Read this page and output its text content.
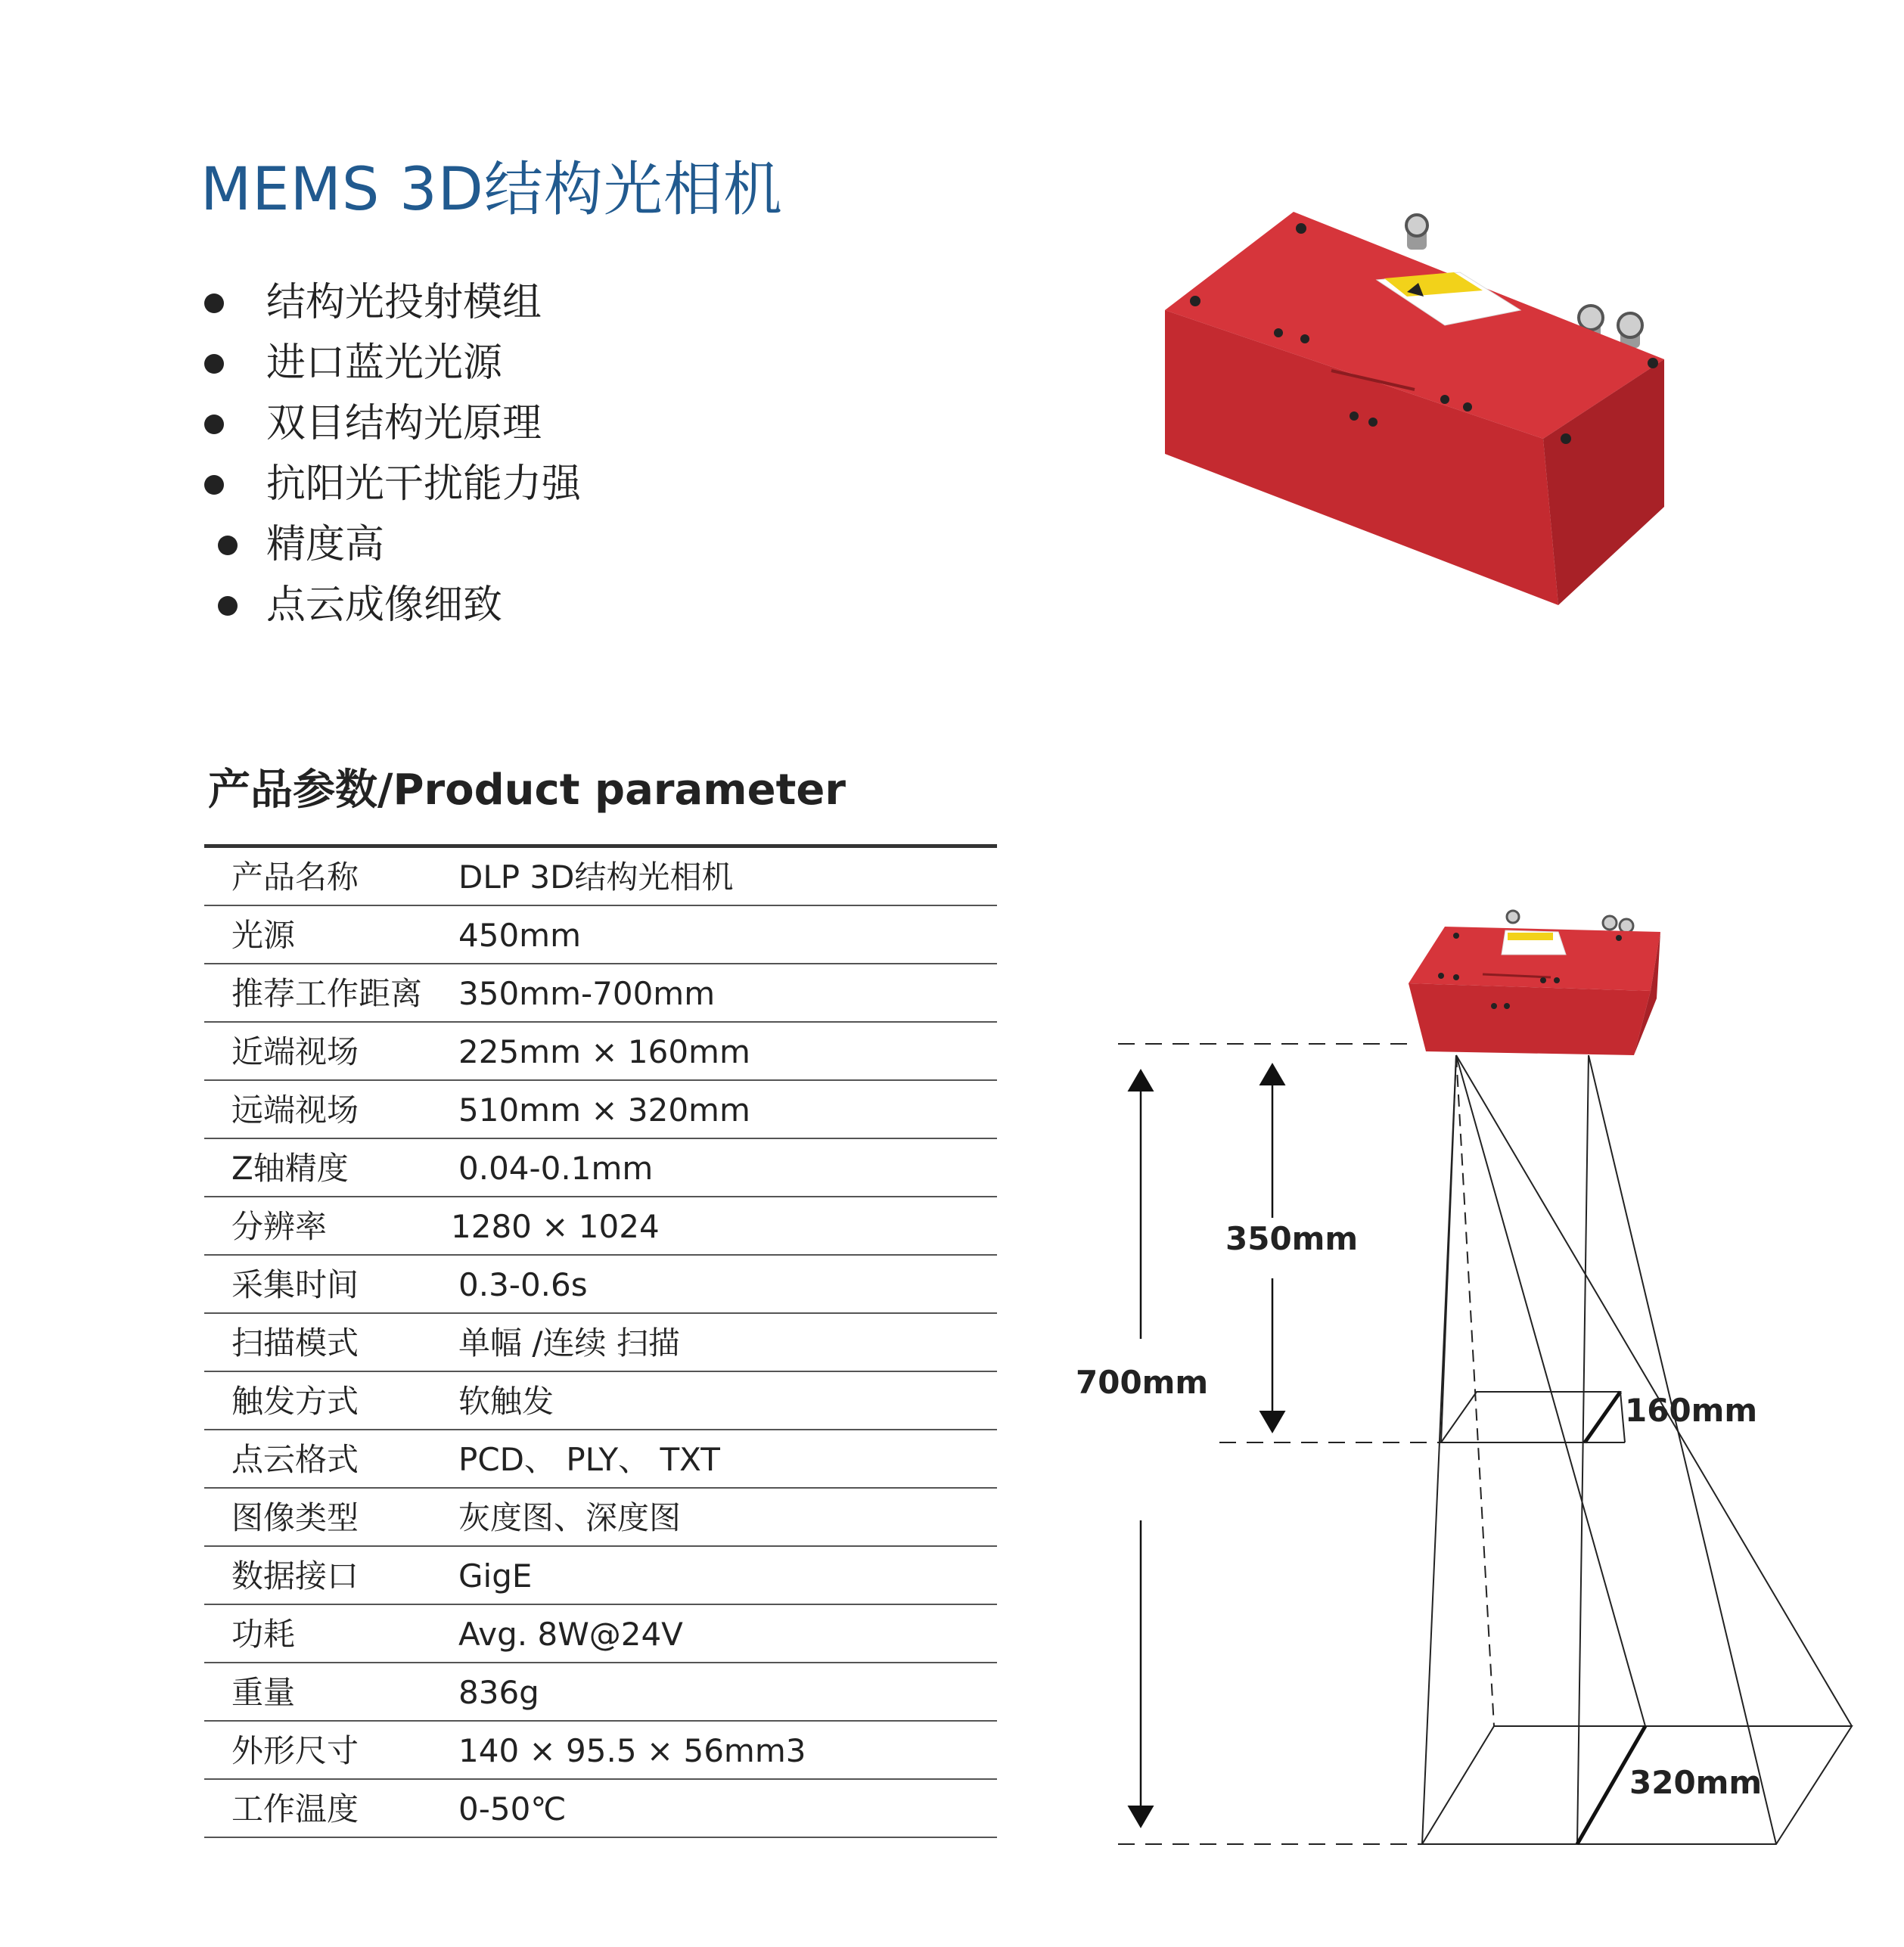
MEMS 3D结构光相机
结构光投射模组
进口蓝光光源
双目结构光原理
抗阳光干扰能力强
精度高
点云成像细致
产品参数/Product parameter
产品名称	DLP 3D结构光相机
光源	450mm
推荐工作距离 350mm-700mm
近端视场	225mm × 160mm
远端视场	510mm × 320mm
Z轴精度	0.04-0.1mm
分辨率	1280 × 1024
采集时间	0.3-0.6s
扫描模式	单幅 /连续 扫描
触发方式	软触发
点云格式	PCD、 PLY、 TXT
图像类型	灰度图、深度图
数据接口	GigE
功耗	Avg. 8W@24V
重量	836g
外形尺寸	140 × 95.5 × 56mm3
工作温度	0-50℃
350mm
700mm
160mm
320mm
